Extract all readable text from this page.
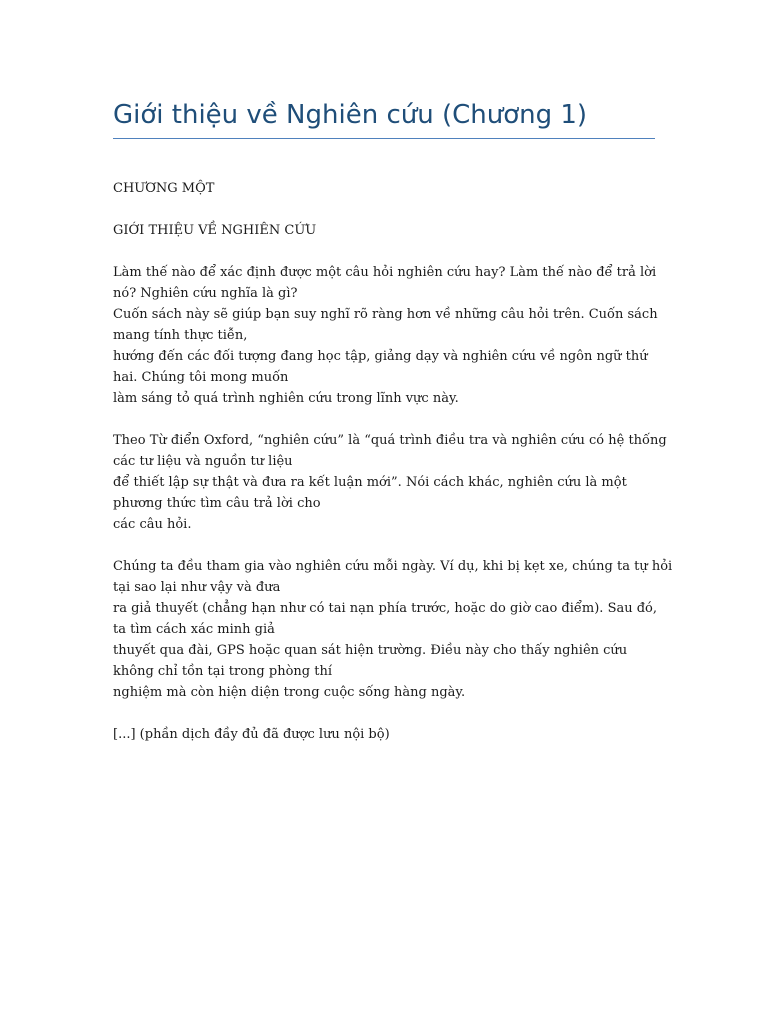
Giới thiệu về Nghiên cứu (Chương 1)

CHƯƠNG MỘT

GIỚI THIỆU VỀ NGHIÊN CỨU

Làm thế nào để xác định được một câu hỏi nghiên cứu hay? Làm thế nào để trả lời
nó? Nghiên cứu nghĩa là gì?
Cuốn sách này sẽ giúp bạn suy nghĩ rõ ràng hơn về những câu hỏi trên. Cuốn sách
mang tính thực tiễn,
hướng đến các đối tượng đang học tập, giảng dạy và nghiên cứu về ngôn ngữ thứ
hai. Chúng tôi mong muốn
làm sáng tỏ quá trình nghiên cứu trong lĩnh vực này.

Theo Từ điển Oxford, “nghiên cứu” là “quá trình điều tra và nghiên cứu có hệ thống
các tư liệu và nguồn tư liệu
để thiết lập sự thật và đưa ra kết luận mới”. Nói cách khác, nghiên cứu là một
phương thức tìm câu trả lời cho
các câu hỏi.

Chúng ta đều tham gia vào nghiên cứu mỗi ngày. Ví dụ, khi bị kẹt xe, chúng ta tự hỏi
tại sao lại như vậy và đưa
ra giả thuyết (chẳng hạn như có tai nạn phía trước, hoặc do giờ cao điểm). Sau đó,
ta tìm cách xác minh giả
thuyết qua đài, GPS hoặc quan sát hiện trường. Điều này cho thấy nghiên cứu
không chỉ tồn tại trong phòng thí
nghiệm mà còn hiện diện trong cuộc sống hàng ngày.

[...] (phần dịch đầy đủ đã được lưu nội bộ)
